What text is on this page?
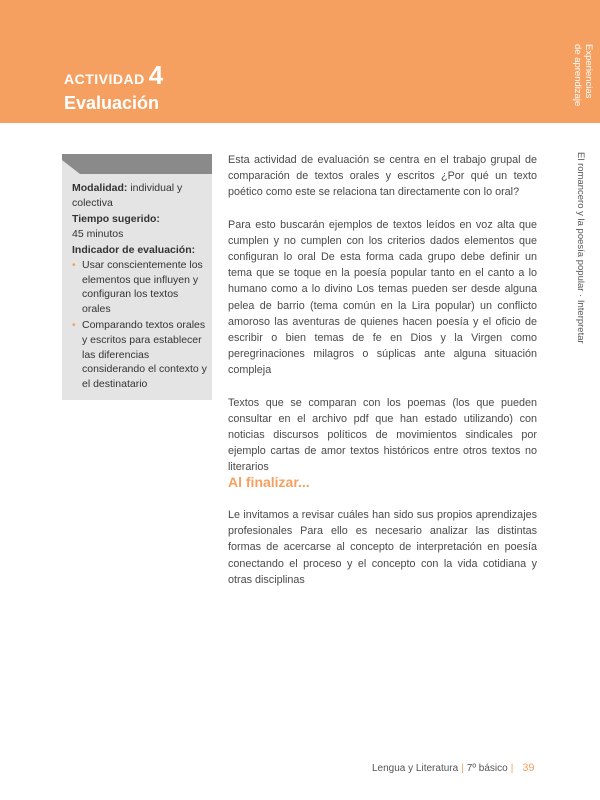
ACTIVIDAD 4
Evaluación
Experiencias
de aprendizaje
El romancero y la poesía popular · Interpretar
Modalidad: individual y colectiva
Tiempo sugerido:
45 minutos
Indicador de evaluación:
• Usar conscientemente los elementos que influyen y configuran los textos orales
• Comparando textos orales y escritos para establecer las diferencias considerando el contexto y el destinatario

Esta actividad de evaluación se centra en el trabajo grupal de comparación de textos orales y escritos ¿Por qué un texto poético como este se relaciona tan directamente con lo oral?

Para esto buscarán ejemplos de textos leídos en voz alta que cumplen y no cumplen con los criterios dados elementos que configuran lo oral De esta forma cada grupo debe definir un tema que se toque en la poesía popular tanto en el canto a lo humano como a lo divino Los temas pueden ser desde alguna pelea de barrio (tema común en la Lira popular) un conflicto amoroso las aventuras de quienes hacen poesía y el oficio de escribir o bien temas de fe en Dios y la Virgen como peregrinaciones milagros o súplicas ante alguna situación compleja

Textos que se comparan con los poemas (los que pueden consultar en el archivo pdf que han estado utilizando) con noticias discursos políticos de movimientos sindicales por ejemplo cartas de amor textos históricos entre otros textos no literarios

Al finalizar...
Le invitamos a revisar cuáles han sido sus propios aprendizajes profesionales Para ello es necesario analizar las distintas formas de acercarse al concepto de interpretación en poesía conectando el proceso y el concepto con la vida cotidiana y otras disciplinas
Lengua y Literatura | 7º básico | 39
